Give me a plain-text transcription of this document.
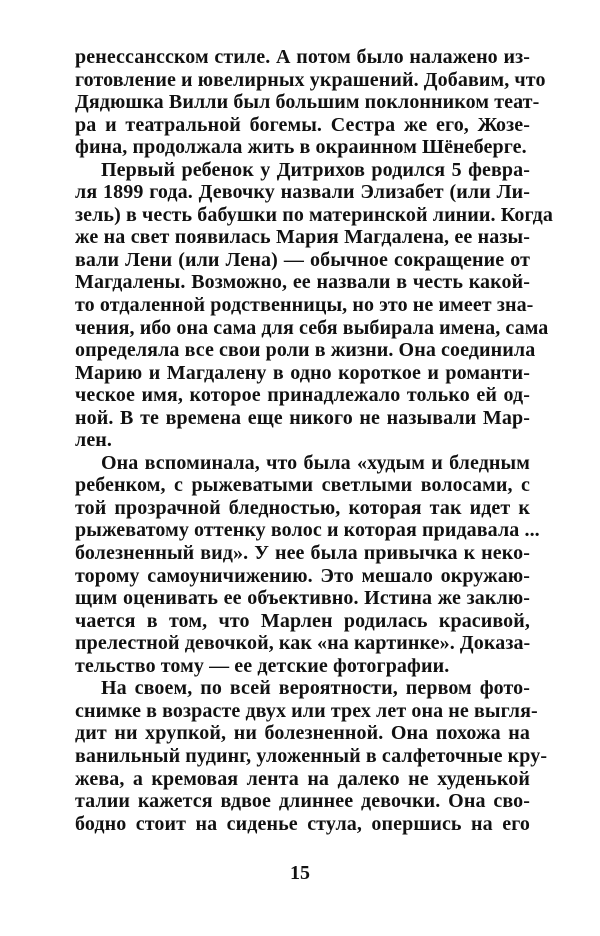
ренессансском стиле. А потом было налажено из-
готовление и ювелирных украшений. Добавим, что
Дядюшка Вилли был большим поклонником теат-
ра и театральной богемы. Сестра же его, Жозе-
фина, продолжала жить в окраинном Шёнеберге.
Первый ребенок у Дитрихов родился 5 февра-
ля 1899 года. Девочку назвали Элизабет (или Ли-
зель) в честь бабушки по материнской линии. Когда
же на свет появилась Мария Магдалена, ее назы-
вали Лени (или Лена) — обычное сокращение от
Магдалены. Возможно, ее назвали в честь какой-
то отдаленной родственницы, но это не имеет зна-
чения, ибо она сама для себя выбирала имена, сама
определяла все свои роли в жизни. Она соединила
Марию и Магдалену в одно короткое и романти-
ческое имя, которое принадлежало только ей од-
ной. В те времена еще никого не называли Мар-
лен.
Она вспоминала, что была «худым и бледным
ребенком, с рыжеватыми светлыми волосами, с
той прозрачной бледностью, которая так идет к
рыжеватому оттенку волос и которая придавала ...
болезненный вид». У нее была привычка к неко-
торому самоуничижению. Это мешало окружаю-
щим оценивать ее объективно. Истина же заклю-
чается в том, что Марлен родилась красивой,
прелестной девочкой, как «на картинке». Доказа-
тельство тому — ее детские фотографии.
На своем, по всей вероятности, первом фото-
снимке в возрасте двух или трех лет она не выгля-
дит ни хрупкой, ни болезненной. Она похожа на
ванильный пудинг, уложенный в салфеточные кру-
жева, а кремовая лента на далеко не худенькой
талии кажется вдвое длиннее девочки. Она сво-
бодно стоит на сиденье стула, опершись на его
15
